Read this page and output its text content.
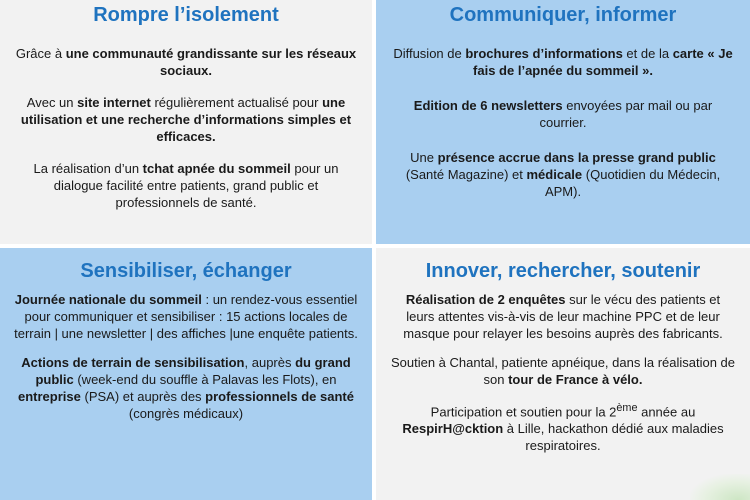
Rompre l’isolement

Grâce à une communauté grandissante sur les réseaux sociaux.

Avec un site internet régulièrement actualisé pour une utilisation et une recherche d’informations simples et efficaces.

La réalisation d’un tchat apnée du sommeil pour un dialogue facilité entre patients, grand public et professionnels de santé.

Communiquer, informer

Diffusion de brochures d’informations et de la carte « Je fais de l’apnée du sommeil ».

Edition de 6 newsletters envoyées par mail ou par courrier.

Une présence accrue dans la presse grand public (Santé Magazine) et médicale (Quotidien du Médecin, APM).

Sensibiliser, échanger

Journée nationale du sommeil : un rendez-vous essentiel pour communiquer et sensibiliser : 15 actions locales de terrain | une newsletter | des affiches |une enquête patients.

Actions de terrain de sensibilisation, auprès du grand public (week-end du souffle à Palavas les Flots), en entreprise (PSA) et auprès des professionnels de santé (congrès médicaux)

Innover, rechercher, soutenir

Réalisation de 2 enquêtes sur le vécu des patients et leurs attentes vis-à-vis de leur machine PPC et de leur masque pour relayer les besoins auprès des fabricants.

Soutien à Chantal, patiente apnéique, dans la réalisation de son tour de France à vélo.

Participation et soutien pour la 2ème année au RespirH@cktion à Lille, hackathon dédié aux maladies respiratoires.
